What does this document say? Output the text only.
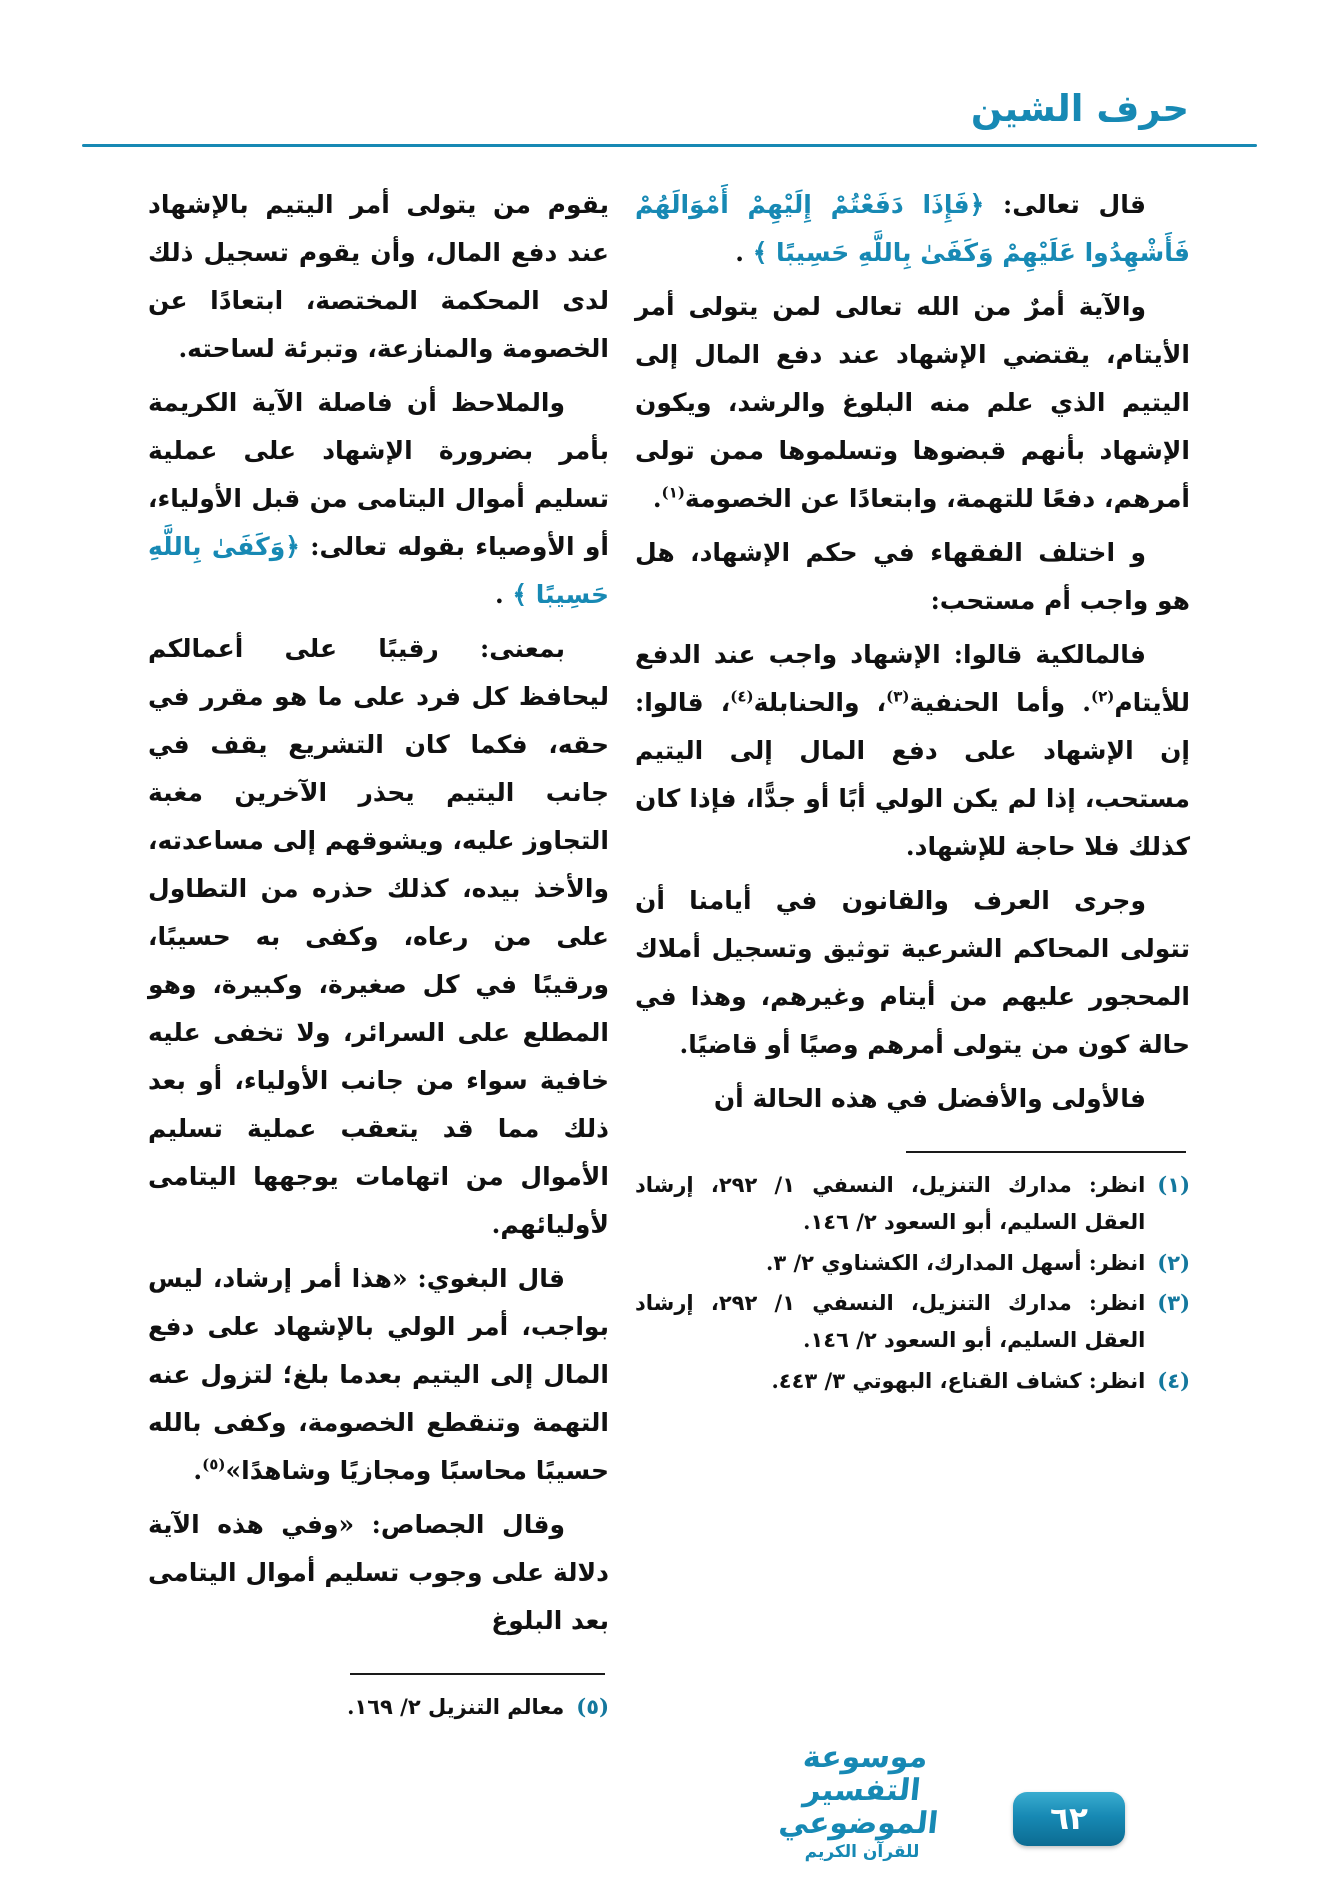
حرف الشين

قال تعالى: ﴿فَإِذَا دَفَعْتُمْ إِلَيْهِمْ أَمْوَالَهُمْ فَأَشْهِدُوا عَلَيْهِمْ وَكَفَىٰ بِاللَّهِ حَسِيبًا ﴾ .

والآية أمرٌ من الله تعالى لمن يتولى أمر الأيتام، يقتضي الإشهاد عند دفع المال إلى اليتيم الذي علم منه البلوغ والرشد، ويكون الإشهاد بأنهم قبضوها وتسلموها ممن تولى أمرهم، دفعًا للتهمة، وابتعادًا عن الخصومة$^{(١)}$.

و اختلف الفقهاء في حكم الإشهاد، هل هو واجب أم مستحب:

فالمالكية قالوا: الإشهاد واجب عند الدفع للأيتام$^{(٢)}$. وأما الحنفية$^{(٣)}$، والحنابلة$^{(٤)}$، قالوا: إن الإشهاد على دفع المال إلى اليتيم مستحب، إذا لم يكن الولي أبًا أو جدًّا، فإذا كان كذلك فلا حاجة للإشهاد.

وجرى العرف والقانون في أيامنا أن تتولى المحاكم الشرعية توثيق وتسجيل أملاك المحجور عليهم من أيتام وغيرهم، وهذا في حالة كون من يتولى أمرهم وصيًا أو قاضيًا.

فالأولى والأفضل في هذه الحالة أن

(١)
انظر: مدارك التنزيل، النسفي ١/ ٢٩٢، إرشاد العقل السليم، أبو السعود ٢/ ١٤٦.
(٢)
انظر: أسهل المدارك، الكشناوي ٢/ ٣.
(٣)
انظر: مدارك التنزيل، النسفي ١/ ٢٩٢، إرشاد العقل السليم، أبو السعود ٢/ ١٤٦.
(٤)
انظر: كشاف القناع، البهوتي ٣/ ٤٤٣.

يقوم من يتولى أمر اليتيم بالإشهاد عند دفع المال، وأن يقوم تسجيل ذلك لدى المحكمة المختصة، ابتعادًا عن الخصومة والمنازعة، وتبرئة لساحته.

والملاحظ أن فاصلة الآية الكريمة بأمر بضرورة الإشهاد على عملية تسليم أموال اليتامى من قبل الأولياء، أو الأوصياء بقوله تعالى: ﴿وَكَفَىٰ بِاللَّهِ حَسِيبًا ﴾ .

بمعنى: رقيبًا على أعمالكم ليحافظ كل فرد على ما هو مقرر في حقه، فكما كان التشريع يقف في جانب اليتيم يحذر الآخرين مغبة التجاوز عليه، ويشوقهم إلى مساعدته، والأخذ بيده، كذلك حذره من التطاول على من رعاه، وكفى به حسيبًا، ورقيبًا في كل صغيرة، وكبيرة، وهو المطلع على السرائر، ولا تخفى عليه خافية سواء من جانب الأولياء، أو بعد ذلك مما قد يتعقب عملية تسليم الأموال من اتهامات يوجهها اليتامى لأوليائهم.

قال البغوي: «هذا أمر إرشاد، ليس بواجب، أمر الولي بالإشهاد على دفع المال إلى اليتيم بعدما بلغ؛ لتزول عنه التهمة وتنقطع الخصومة، وكفى بالله حسيبًا محاسبًا ومجازيًا وشاهدًا»$^{(٥)}$.

وقال الجصاص: «وفي هذه الآية دلالة على وجوب تسليم أموال اليتامى بعد البلوغ

(٥)
معالم التنزيل ٢/ ١٦٩.
موسوعة التفسير الموضوعي
للقرآن الكريم
٦٢
